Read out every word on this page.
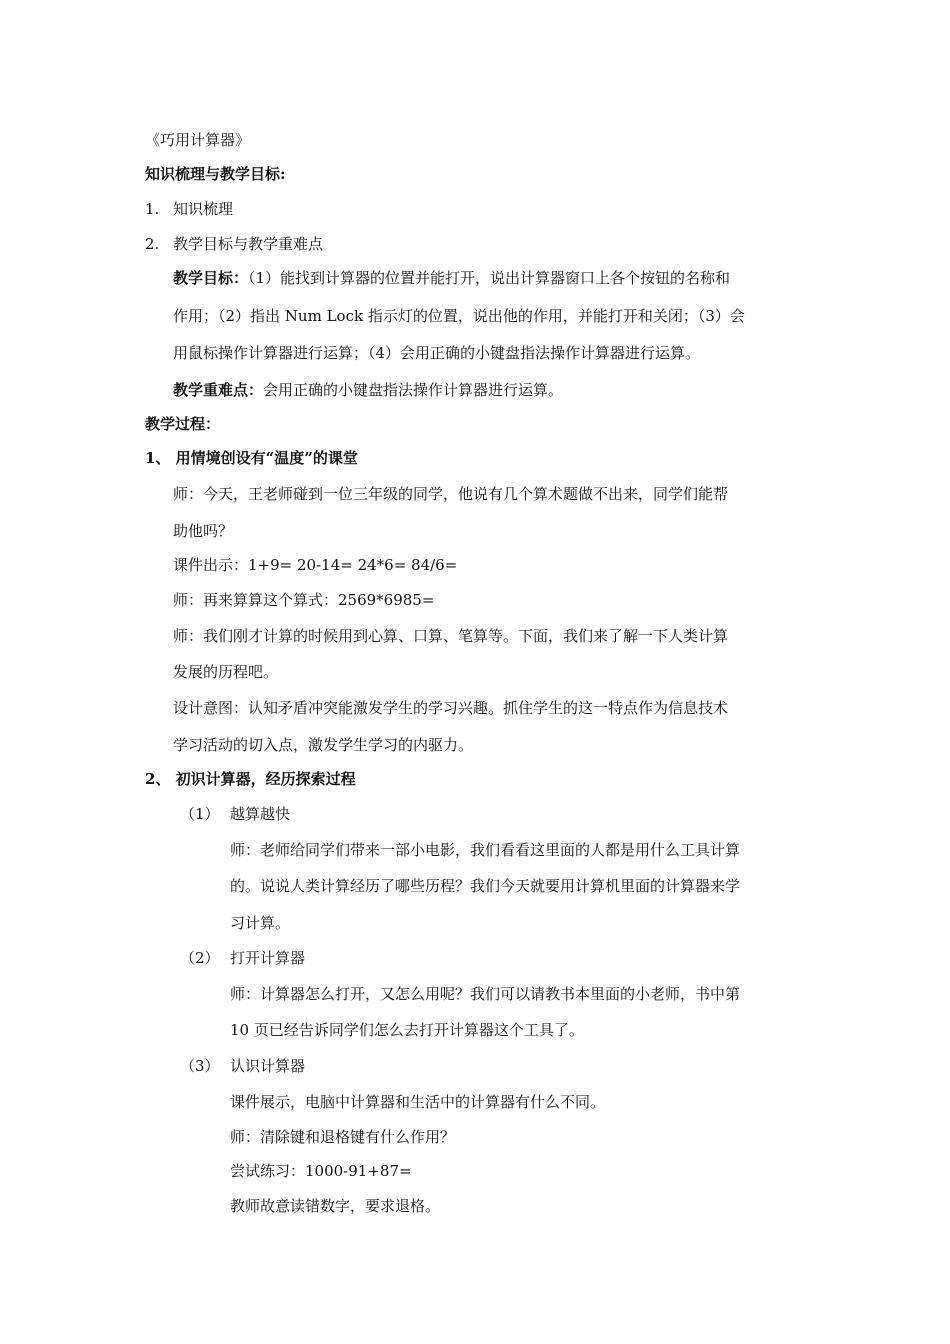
《巧用计算器》
知识梳理与教学目标:
1. 知识梳理
2. 教学目标与教学重难点
教学目标：（1）能找到计算器的位置并能打开，说出计算器窗口上各个按钮的名称和
作用；（2）指出 Num Lock 指示灯的位置，说出他的作用，并能打开和关闭；（3）会
用鼠标操作计算器进行运算；（4）会用正确的小键盘指法操作计算器进行运算。
教学重难点：会用正确的小键盘指法操作计算器进行运算。
教学过程：
1、 用情境创设有“温度”的课堂
师：今天，王老师碰到一位三年级的同学，他说有几个算术题做不出来，同学们能帮
助他吗？
课件出示：1+9= 20-14= 24*6= 84/6=
师：再来算算这个算式：2569*6985=
师：我们刚才计算的时候用到心算、口算、笔算等。下面，我们来了解一下人类计算
发展的历程吧。
设计意图：认知矛盾冲突能激发学生的学习兴趣。抓住学生的这一特点作为信息技术
学习活动的切入点，激发学生学习的内驱力。
2、 初识计算器，经历探索过程
（1） 越算越快
师：老师给同学们带来一部小电影，我们看看这里面的人都是用什么工具计算
的。说说人类计算经历了哪些历程？我们今天就要用计算机里面的计算器来学
习计算。
（2） 打开计算器
师：计算器怎么打开，又怎么用呢？我们可以请教书本里面的小老师，书中第
10 页已经告诉同学们怎么去打开计算器这个工具了。
（3） 认识计算器
课件展示，电脑中计算器和生活中的计算器有什么不同。
师：清除键和退格键有什么作用？
尝试练习：1000-91+87=
教师故意读错数字，要求退格。
